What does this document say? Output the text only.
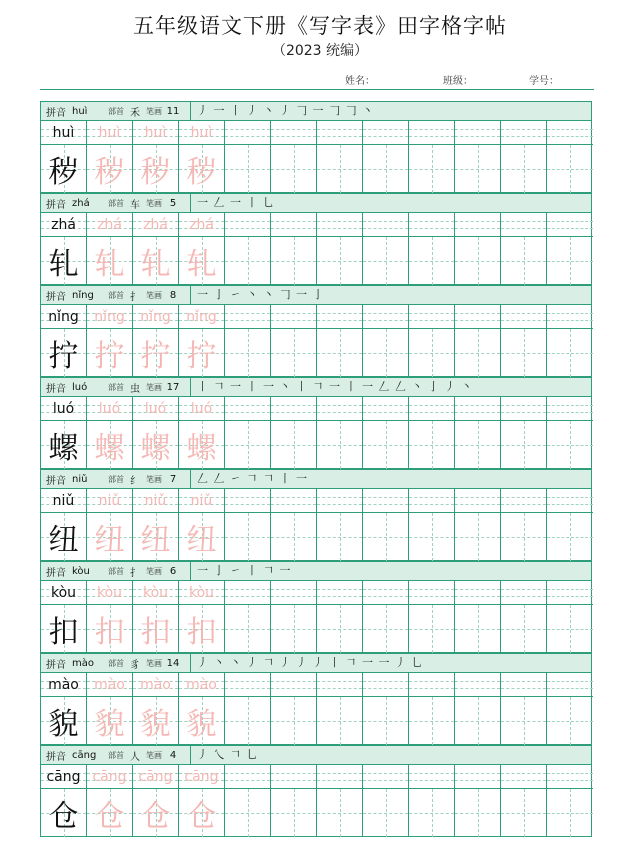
五年级语文下册《写字表》田字格字帖
（2023 统编）
姓名：	班级：	学号：
拼音 huì	部首 禾 笔画 11	丿 一 丨 丿 丶 丿 𠃌 一 𠃌 𠃌 丶
huì	huì	huì	huì
秽 秽 秽 秽
拼音 zhá	部首 车 笔画 5	一 𠃋 一 丨 乚
zhá	zhá	zhá	zhá
轧 轧 轧 轧
拼音 nǐng	部首 扌 笔画 8	一 亅 ㇀ 丶 丶 𠃌 一 亅
nǐng	nǐng	nǐng	nǐng
拧 拧 拧 拧
拼音 luó	部首 虫 笔画 17	丨 𠃍 一 丨 一 丶 丨 𠃍 一 丨 一 𠃋 𠃋 丶 亅 丿 丶
luó	luó	luó	luó
螺 螺 螺 螺
拼音 niǔ	部首 纟 笔画 7	𠃋 𠃋 ㇀ 𠃍 𠃍 丨 一
niǔ	niǔ	niǔ	niǔ
纽 纽 纽 纽
拼音 kòu	部首 扌 笔画 6	一 亅 ㇀ 丨 𠃍 一
kòu	kòu	kòu	kòu
扣 扣 扣 扣
拼音 mào	部首 豸 笔画 14	丿 丶 丶 丿 𠃍 丿 丿 丿 丨 𠃍 一 一 丿 乚
mào	mào	mào	mào
貌 貌 貌 貌
拼音 cāng	部首 人 笔画 4	丿 乀 𠃍 乚
cāng cāng cāng cāng
仓 仓 仓 仓
